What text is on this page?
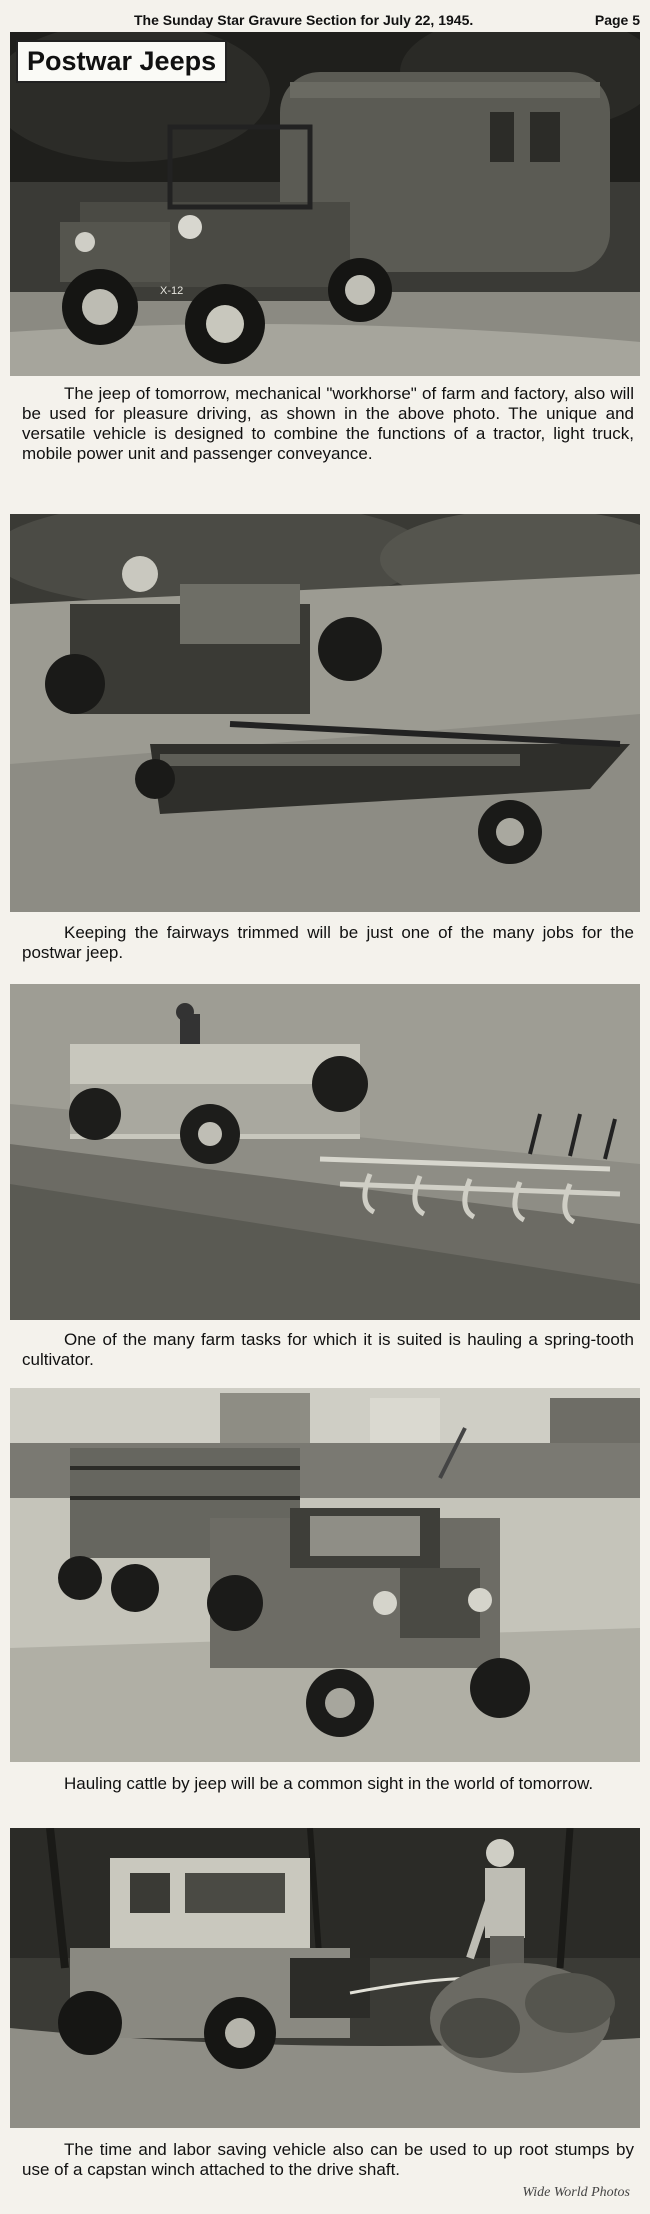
The Sunday Star Gravure Section for July 22, 1945.	Page 5
X-12
Postwar Jeeps

The jeep of tomorrow, mechanical "workhorse" of farm and factory, also will be used for pleasure driving, as shown in the above photo. The unique and versatile vehicle is designed to combine the functions of a tractor, light truck, mobile power unit and passenger conveyance.

Keeping the fairways trimmed will be just one of the many jobs for the postwar jeep.

One of the many farm tasks for which it is suited is hauling a spring-tooth cultivator.

Hauling cattle by jeep will be a common sight in the world of tomorrow.

The time and labor saving vehicle also can be used to up root stumps by use of a capstan winch attached to the drive shaft.

Wide World Photos
